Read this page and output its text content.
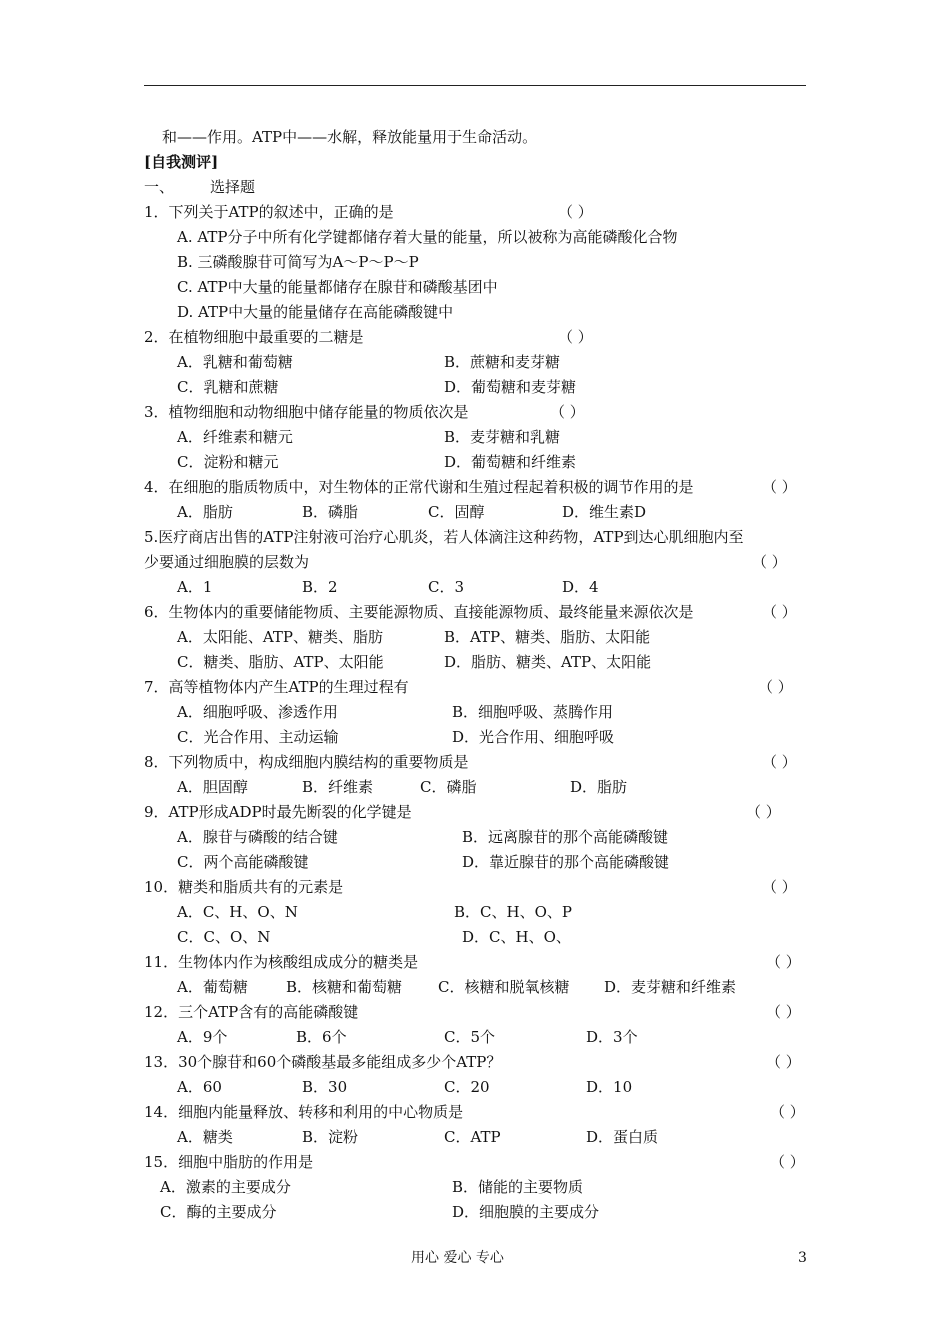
和——作用。ATP中——水解，释放能量用于生命活动。
[自我测评]
一、 选择题
1．下列关于ATP的叙述中，正确的是	（ ）
A. ATP分子中所有化学键都储存着大量的能量，所以被称为高能磷酸化合物
B. 三磷酸腺苷可简写为A～P～P～P
C. ATP中大量的能量都储存在腺苷和磷酸基团中
D. ATP中大量的能量储存在高能磷酸键中
2．在植物细胞中最重要的二糖是	（ ）
A．乳糖和葡萄糖	B．蔗糖和麦芽糖
C．乳糖和蔗糖	D．葡萄糖和麦芽糖
3．植物细胞和动物细胞中储存能量的物质依次是	（ ）
A．纤维素和糖元	B．麦芽糖和乳糖
C．淀粉和糖元	D．葡萄糖和纤维素
4．在细胞的脂质物质中，对生物体的正常代谢和生殖过程起着积极的调节作用的是	（ ）
A．脂肪	B．磷脂	C．固醇	D．维生素D
5.医疗商店出售的ATP注射液可治疗心肌炎，若人体滴注这种药物，ATP到达心肌细胞内至
少要通过细胞膜的层数为	（ ）
A．1	B．2	C．3	D．4
6．生物体内的重要储能物质、主要能源物质、直接能源物质、最终能量来源依次是	（ ）
A．太阳能、ATP、糖类、脂肪	B．ATP、糖类、脂肪、太阳能
C．糖类、脂肪、ATP、太阳能	D．脂肪、糖类、ATP、太阳能
7．高等植物体内产生ATP的生理过程有	（ ）
A．细胞呼吸、渗透作用	B．细胞呼吸、蒸腾作用
C．光合作用、主动运输	D．光合作用、细胞呼吸
8．下列物质中，构成细胞内膜结构的重要物质是	（ ）
A．胆固醇	B．纤维素	C．磷脂	D．脂肪
9．ATP形成ADP时最先断裂的化学键是	（ ）
A．腺苷与磷酸的结合键	B．远离腺苷的那个高能磷酸键
C．两个高能磷酸键	D．靠近腺苷的那个高能磷酸键
10．糖类和脂质共有的元素是	（ ）
A．C、H、O、N	B．C、H、O、P
C．C、O、N	D．C、H、O、
11．生物体内作为核酸组成成分的糖类是	（ ）
A．葡萄糖	B．核糖和葡萄糖 C．核糖和脱氧核糖 D．麦芽糖和纤维素
12．三个ATP含有的高能磷酸键	（ ）
A．9个	B．6个	C．5个	D．3个
13．30个腺苷和60个磷酸基最多能组成多少个ATP？	（ ）
A．60	B．30	C．20	D．10
14．细胞内能量释放、转移和利用的中心物质是	（ ）
A．糖类	B．淀粉	C．ATP	D．蛋白质
15．细胞中脂肪的作用是	（ ）
A．激素的主要成分	B．储能的主要物质
C．酶的主要成分	D．细胞膜的主要成分
用心 爱心 专心	3
